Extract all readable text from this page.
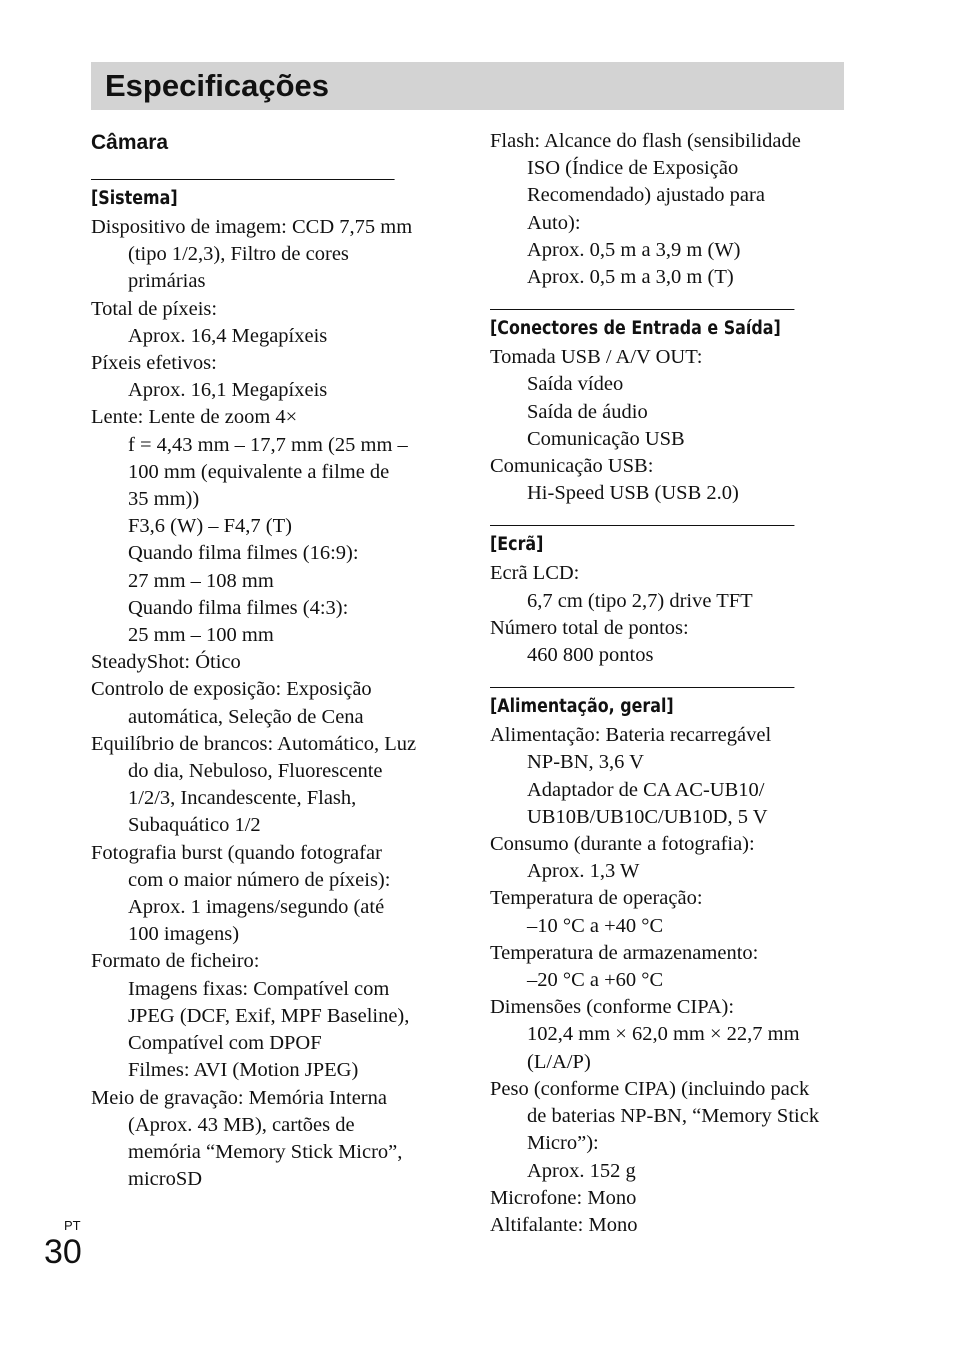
Especificações
Câmara
[Sistema]
Dispositivo de imagem: CCD 7,75 mm
(tipo 1/2,3), Filtro de cores
primárias
Total de píxeis:
Aprox. 16,4 Megapíxeis
Píxeis efetivos:
Aprox. 16,1 Megapíxeis
Lente: Lente de zoom 4×
f = 4,43 mm – 17,7 mm (25 mm –
100 mm (equivalente a filme de
35 mm))
F3,6 (W) – F4,7 (T)
Quando filma filmes (16:9):
27 mm – 108 mm
Quando filma filmes (4:3):
25 mm – 100 mm
SteadyShot: Ótico
Controlo de exposição: Exposição
automática, Seleção de Cena
Equilíbrio de brancos: Automático, Luz
do dia, Nebuloso, Fluorescente
1/2/3, Incandescente, Flash,
Subaquático 1/2
Fotografia burst (quando fotografar
com o maior número de píxeis):
Aprox. 1 imagens/segundo (até
100 imagens)
Formato de ficheiro:
Imagens fixas: Compatível com
JPEG (DCF, Exif, MPF Baseline),
Compatível com DPOF
Filmes: AVI (Motion JPEG)
Meio de gravação: Memória Interna
(Aprox. 43 MB), cartões de
memória “Memory Stick Micro”,
microSD
Flash: Alcance do flash (sensibilidade
ISO (Índice de Exposição
Recomendado) ajustado para
Auto):
Aprox. 0,5 m a 3,9 m (W)
Aprox. 0,5 m a 3,0 m (T)
[Conectores de Entrada e Saída]
Tomada USB / A/V OUT:
Saída vídeo
Saída de áudio
Comunicação USB
Comunicação USB:
Hi-Speed USB (USB 2.0)
[Ecrã]
Ecrã LCD:
6,7 cm (tipo 2,7) drive TFT
Número total de pontos:
460 800 pontos
[Alimentação, geral]
Alimentação: Bateria recarregável
NP-BN, 3,6 V
Adaptador de CA AC-UB10/
UB10B/UB10C/UB10D, 5 V
Consumo (durante a fotografia):
Aprox. 1,3 W
Temperatura de operação:
–10 °C a +40 °C
Temperatura de armazenamento:
–20 °C a +60 °C
Dimensões (conforme CIPA):
102,4 mm × 62,0 mm × 22,7 mm
(L/A/P)
Peso (conforme CIPA) (incluindo pack
de baterias NP-BN, “Memory Stick
Micro”):
Aprox. 152 g
Microfone: Mono
Altifalante: Mono
PT
30
